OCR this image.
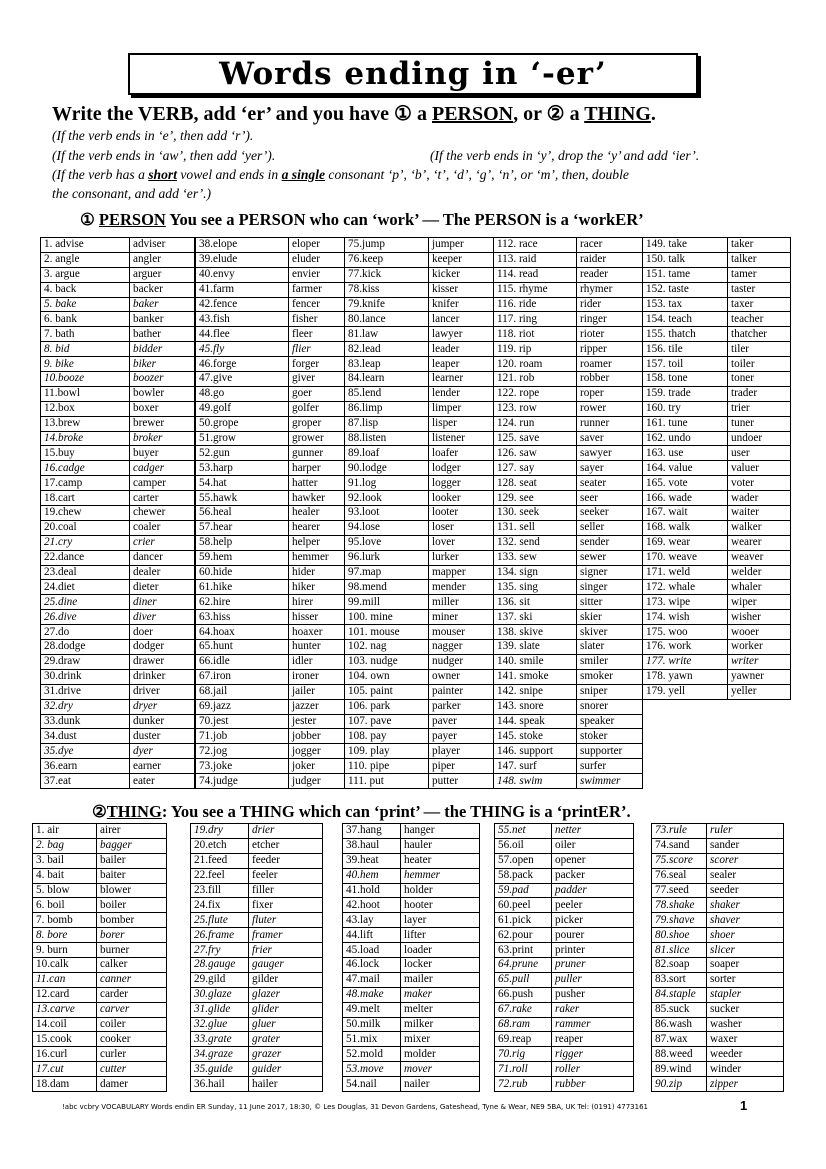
Words ending in ‘-er’
Write the VERB, add ‘er’ and you have ① a PERSON, or ② a THING.
(If the verb ends in ‘e’, then add ‘r’).
(If the verb ends in ‘aw’, then add ‘yer’).	(If the verb ends in ‘y’, drop the ‘y’ and add ‘ier’.
(If the verb has a short vowel and ends in a single consonant ‘p’, ‘b’, ‘t’, ‘d’, ‘g’, ‘n’, or ‘m’, then, double
the consonant, and add ‘er’.)
① PERSON You see a PERSON who can ‘work’ — The PERSON is a ‘workER’
1. advise	adviser
2. angle	angler
3. argue	arguer
4. back	backer
5. bake	baker
6. bank	banker
7. bath	bather
8. bid	bidder
9. bike	biker
10.booze	boozer
11.bowl	bowler
12.box	boxer
13.brew	brewer
14.broke	broker
15.buy	buyer
16.cadge	cadger
17.camp	camper
18.cart	carter
19.chew	chewer
20.coal	coaler
21.cry	crier
22.dance	dancer
23.deal	dealer
24.diet	dieter
25.dine	diner
26.dive	diver
27.do	doer
28.dodge	dodger
29.draw	drawer
30.drink	drinker
31.drive	driver
32.dry	dryer
33.dunk	dunker
34.dust	duster
35.dye	dyer
36.earn	earner
37.eat	eater
38.elope	eloper
39.elude	eluder
40.envy	envier
41.farm	farmer
42.fence	fencer
43.fish	fisher
44.flee	fleer
45.fly	flier
46.forge	forger
47.give	giver
48.go	goer
49.golf	golfer
50.grope	groper
51.grow	grower
52.gun	gunner
53.harp	harper
54.hat	hatter
55.hawk	hawker
56.heal	healer
57.hear	hearer
58.help	helper
59.hem	hemmer
60.hide	hider
61.hike	hiker
62.hire	hirer
63.hiss	hisser
64.hoax	hoaxer
65.hunt	hunter
66.idle	idler
67.iron	ironer
68.jail	jailer
69.jazz	jazzer
70.jest	jester
71.job	jobber
72.jog	jogger
73.joke	joker
74.judge	judger
75.jump	jumper
76.keep	keeper
77.kick	kicker
78.kiss	kisser
79.knife	knifer
80.lance	lancer
81.law	lawyer
82.lead	leader
83.leap	leaper
84.learn	learner
85.lend	lender
86.limp	limper
87.lisp	lisper
88.listen	listener
89.loaf	loafer
90.lodge	lodger
91.log	logger
92.look	looker
93.loot	looter
94.lose	loser
95.love	lover
96.lurk	lurker
97.map	mapper
98.mend	mender
99.mill	miller
100. mine	miner
101. mouse	mouser
102. nag	nagger
103. nudge	nudger
104. own	owner
105. paint	painter
106. park	parker
107. pave	paver
108. pay	payer
109. play	player
110. pipe	piper
111. put	putter
112. race	racer
113. raid	raider
114. read	reader
115. rhyme	rhymer
116. ride	rider
117. ring	ringer
118. riot	rioter
119. rip	ripper
120. roam	roamer
121. rob	robber
122. rope	roper
123. row	rower
124. run	runner
125. save	saver
126. saw	sawyer
127. say	sayer
128. seat	seater
129. see	seer
130. seek	seeker
131. sell	seller
132. send	sender
133. sew	sewer
134. sign	signer
135. sing	singer
136. sit	sitter
137. ski	skier
138. skive	skiver
139. slate	slater
140. smile	smiler
141. smoke	smoker
142. snipe	sniper
143. snore	snorer
144. speak	speaker
145. stoke	stoker
146. support	supporter
147. surf	surfer
148. swim	swimmer
149. take	taker
150. talk	talker
151. tame	tamer
152. taste	taster
153. tax	taxer
154. teach	teacher
155. thatch	thatcher
156. tile	tiler
157. toil	toiler
158. tone	toner
159. trade	trader
160. try	trier
161. tune	tuner
162. undo	undoer
163. use	user
164. value	valuer
165. vote	voter
166. wade	wader
167. wait	waiter
168. walk	walker
169. wear	wearer
170. weave	weaver
171. weld	welder
172. whale	whaler
173. wipe	wiper
174. wish	wisher
175. woo	wooer
176. work	worker
177. write	writer
178. yawn	yawner
179. yell	yeller
②THING: You see a THING which can ‘print’ — the THING is a ‘printER’.
1. air	airer
2. bag	bagger
3. bail	bailer
4. bait	baiter
5. blow	blower
6. boil	boiler
7. bomb	bomber
8. bore	borer
9. burn	burner
10.calk	calker
11.can	canner
12.card	carder
13.carve	carver
14.coil	coiler
15.cook	cooker
16.curl	curler
17.cut	cutter
18.dam	damer
19.dry	drier
20.etch	etcher
21.feed	feeder
22.feel	feeler
23.fill	filler
24.fix	fixer
25.flute	fluter
26.frame	framer
27.fry	frier
28.gauge	gauger
29.gild	gilder
30.glaze	glazer
31.glide	glider
32.glue	gluer
33.grate	grater
34.graze	grazer
35.guide	guider
36.hail	hailer
37.hang	hanger
38.haul	hauler
39.heat	heater
40.hem	hemmer
41.hold	holder
42.hoot	hooter
43.lay	layer
44.lift	lifter
45.load	loader
46.lock	locker
47.mail	mailer
48.make	maker
49.melt	melter
50.milk	milker
51.mix	mixer
52.mold	molder
53.move	mover
54.nail	nailer
55.net	netter
56.oil	oiler
57.open	opener
58.pack	packer
59.pad	padder
60.peel	peeler
61.pick	picker
62.pour	pourer
63.print	printer
64.prune	pruner
65.pull	puller
66.push	pusher
67.rake	raker
68.ram	rammer
69.reap	reaper
70.rig	rigger
71.roll	roller
72.rub	rubber
73.rule	ruler
74.sand	sander
75.score	scorer
76.seal	sealer
77.seed	seeder
78.shake	shaker
79.shave	shaver
80.shoe	shoer
81.slice	slicer
82.soap	soaper
83.sort	sorter
84.staple	stapler
85.suck	sucker
86.wash	washer
87.wax	waxer
88.weed	weeder
89.wind	winder
90.zip	zipper
!abc vcbry VOCABULARY Words endin ER Sunday, 11 June 2017, 18:30, © Les Douglas, 31 Devon Gardens, Gateshead, Tyne & Wear, NE9 5BA, UK Tel: (0191) 4773161	1
